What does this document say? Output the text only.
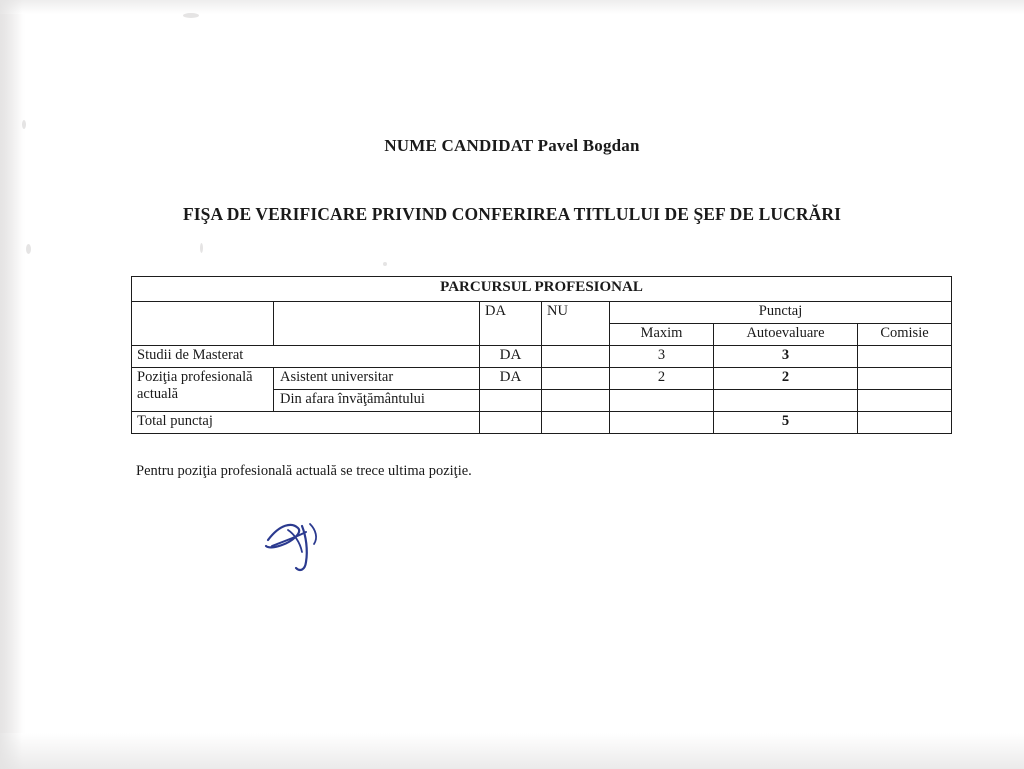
NUME CANDIDAT Pavel Bogdan
FIŞA DE VERIFICARE PRIVIND CONFERIREA TITLULUI DE ŞEF DE LUCRĂRI
PARCURSUL PROFESIONAL						
		DA	NU	Punctaj		
				Maxim	Autoevaluare	Comisie
Studii de Masterat		DA		3	3	
Poziţia profesională actuală	Asistent universitar	DA		2	2	
	Din afara învăţământului					
Total punctaj					5	
Pentru poziţia profesională actuală se trece ultima poziţie.
